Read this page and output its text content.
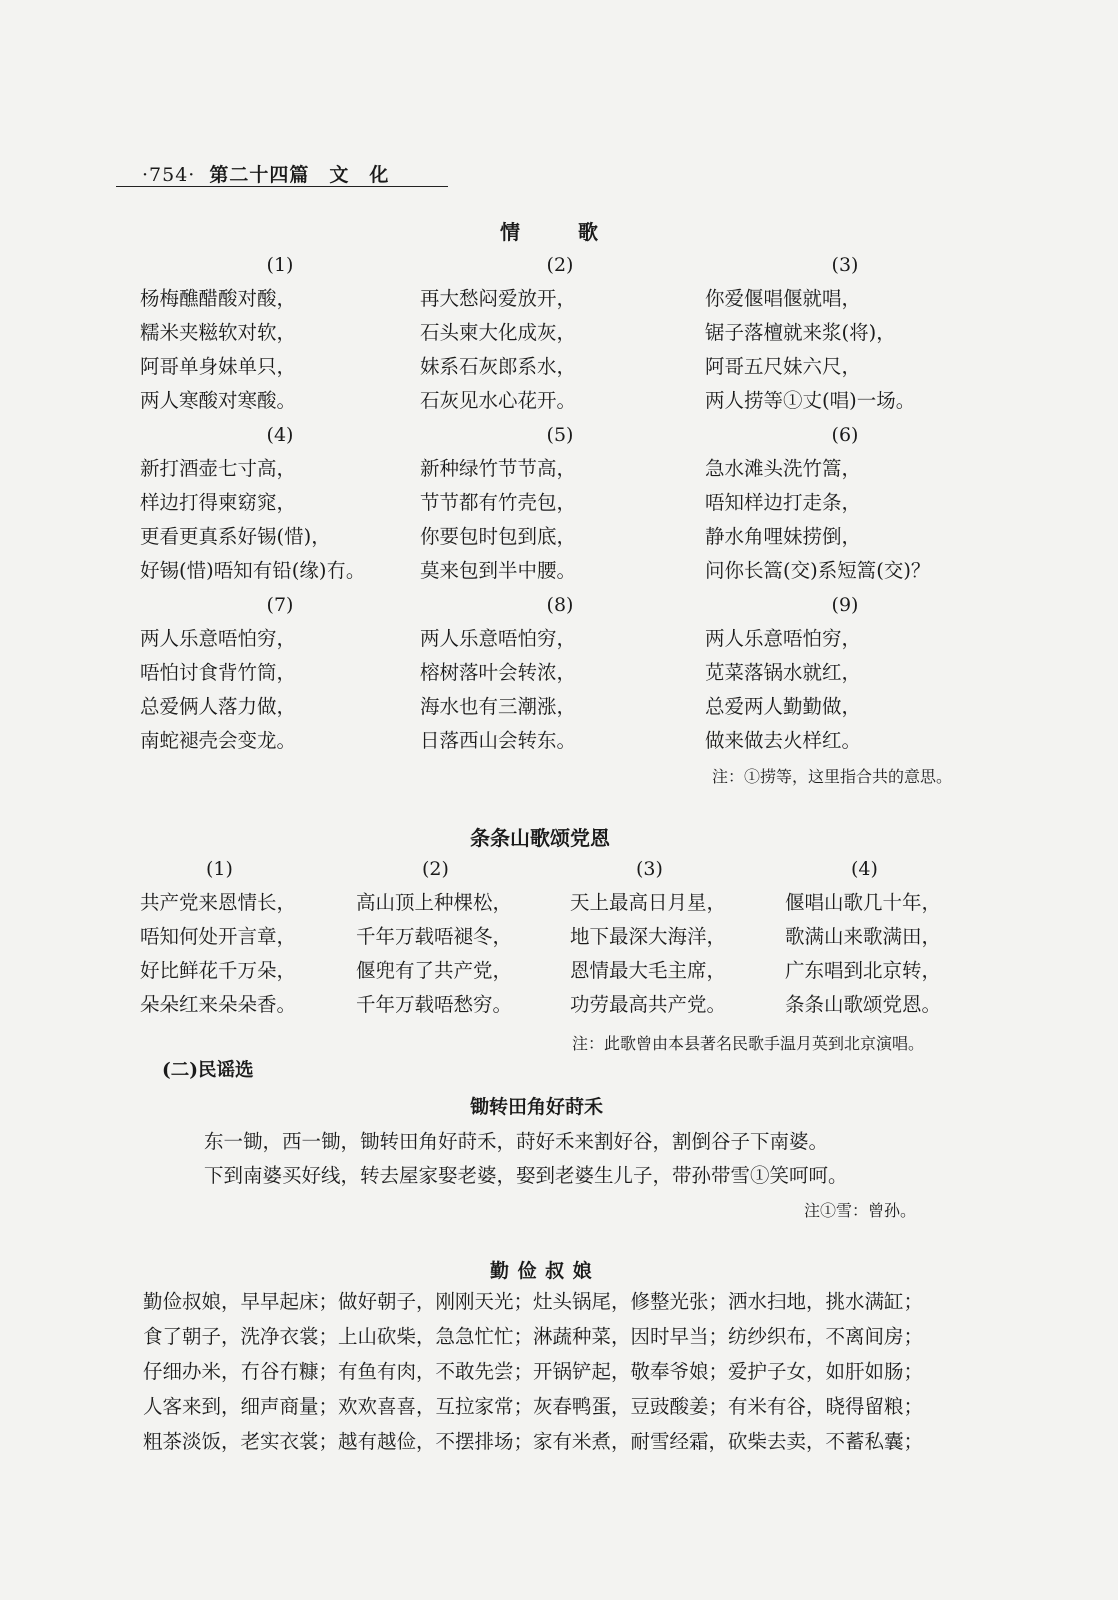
·754· 第二十四篇　文　化
情　歌
(1)
杨梅醮醋酸对酸，
糯米夹糍软对软，
阿哥单身妹单只，
两人寒酸对寒酸。
(2)
再大愁闷爱放开，
石头柬大化成灰，
妹系石灰郎系水，
石灰见水心花开。
(3)
你爱偃唱偃就唱，
锯子落檀就来浆(将)，
阿哥五尺妹六尺，
两人捞等①丈(唱)一场。
(4)
新打酒壶七寸高，
样边打得柬窈窕，
更看更真系好锡(惜)，
好锡(惜)唔知有铅(缘)冇。
(5)
新种绿竹节节高，
节节都有竹壳包，
你要包时包到底，
莫来包到半中腰。
(6)
急水滩头洗竹篙，
唔知样边打走条，
静水角哩妹捞倒，
问你长篙(交)系短篙(交)？
(7)
两人乐意唔怕穷，
唔怕讨食背竹筒，
总爱俩人落力做，
南蛇褪壳会变龙。
(8)
两人乐意唔怕穷，
榕树落叶会转浓，
海水也有三潮涨，
日落西山会转东。
(9)
两人乐意唔怕穷，
苋菜落锅水就红，
总爱两人勤勤做，
做来做去火样红。
注：①捞等，这里指合共的意思。
条条山歌颂党恩
(1)
共产党来恩情长，
唔知何处开言章，
好比鲜花千万朵，
朵朵红来朵朵香。
(2)
高山顶上种棵松，
千年万载唔褪冬，
偃兜有了共产党，
千年万载唔愁穷。
(3)
天上最高日月星，
地下最深大海洋，
恩情最大毛主席，
功劳最高共产党。
(4)
偃唱山歌几十年，
歌满山来歌满田，
广东唱到北京转，
条条山歌颂党恩。
注：此歌曾由本县著名民歌手温月英到北京演唱。
(二)民谣选
锄转田角好莳禾
东一锄，西一锄，锄转田角好莳禾，莳好禾来割好谷，割倒谷子下南婆。
下到南婆买好线，转去屋家娶老婆，娶到老婆生儿子，带孙带雪①笑呵呵。
注①雪：曾孙。
勤俭叔娘
勤俭叔娘，早早起床；做好朝子，刚刚天光；灶头锅尾，修整光张；洒水扫地，挑水满缸；
食了朝子，洗净衣裳；上山砍柴，急急忙忙；淋蔬种菜，因时早当；纺纱织布，不离间房；
仔细办米，冇谷冇糠；有鱼有肉，不敢先尝；开锅铲起，敬奉爷娘；爱护子女，如肝如肠；
人客来到，细声商量；欢欢喜喜，互拉家常；灰春鸭蛋，豆豉酸姜；有米有谷，晓得留粮；
粗茶淡饭，老实衣裳；越有越俭，不摆排场；家有米煮，耐雪经霜，砍柴去卖，不蓄私囊；
